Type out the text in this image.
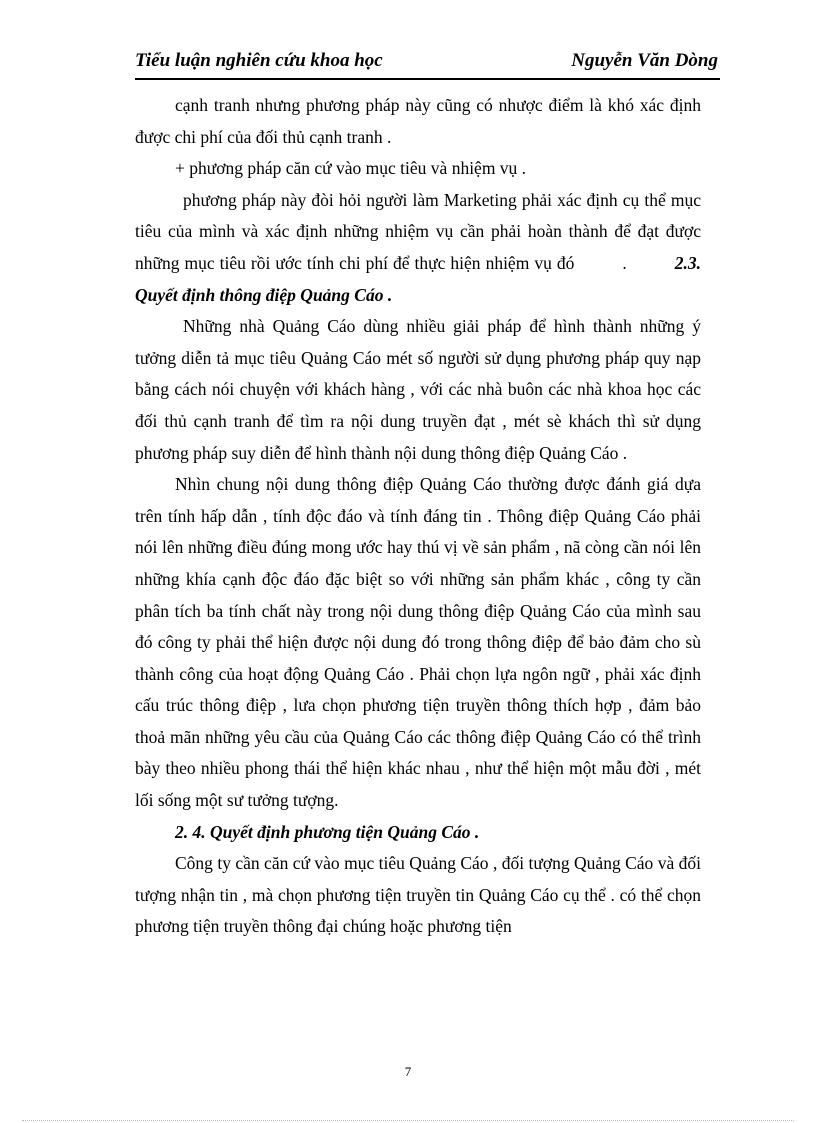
Tiểu luận nghiên cứu khoa học	Nguyễn Văn Dòng

cạnh tranh nhưng phương pháp này cũng có nhược điểm là khó xác định được chi phí của đối thủ cạnh tranh .

+ phương pháp căn cứ vào mục tiêu và nhiệm vụ .

phương pháp này đòi hỏi người làm Marketing phải xác định cụ thể mục tiêu của mình và xác định những nhiệm vụ cần phải hoàn thành để đạt được những mục tiêu rồi ước tính chi phí để thực hiện nhiệm vụ đó	.	2.3. Quyết định thông điệp Quảng Cáo .

Những nhà Quảng Cáo dùng nhiều giải pháp để hình thành những ý tưởng diễn tả mục tiêu Quảng Cáo mét số người sử dụng phương pháp quy nạp bằng cách nói chuyện với khách hàng , với các nhà buôn các nhà khoa học các đối thủ cạnh tranh để tìm ra nội dung truyền đạt , mét sè khách thì sử dụng phương pháp suy diễn để hình thành nội dung thông điệp Quảng Cáo .

Nhìn chung nội dung thông điệp Quảng Cáo thường được đánh giá dựa trên tính hấp dẫn , tính độc đáo và tính đáng tin . Thông điệp Quảng Cáo phải nói lên những điều đúng mong ước hay thú vị về sản phẩm , nã còng cần nói lên những khía cạnh độc đáo đặc biệt so với những sản phẩm khác , công ty cần phân tích ba tính chất này trong nội dung thông điệp Quảng Cáo của mình sau đó công ty phải thể hiện được nội dung đó trong thông điệp để bảo đảm cho sù thành công của hoạt động Quảng Cáo . Phải chọn lựa ngôn ngữ , phải xác định cấu trúc thông điệp , lưa chọn phương tiện truyền thông thích hợp , đảm bảo thoả mãn những yêu cầu của Quảng Cáo các thông điệp Quảng Cáo có thể trình bày theo nhiều phong thái thể hiện khác nhau , như thể hiện một mẫu đời , mét lối sống một sư tưởng tượng.

2. 4. Quyết định phương tiện Quảng Cáo .

Công ty cần căn cứ vào mục tiêu Quảng Cáo , đối tượng Quảng Cáo và đối tượng nhận tin , mà chọn phương tiện truyền tin Quảng Cáo cụ thể . có thể chọn phương tiện truyền thông đại chúng hoặc phương tiện

7
